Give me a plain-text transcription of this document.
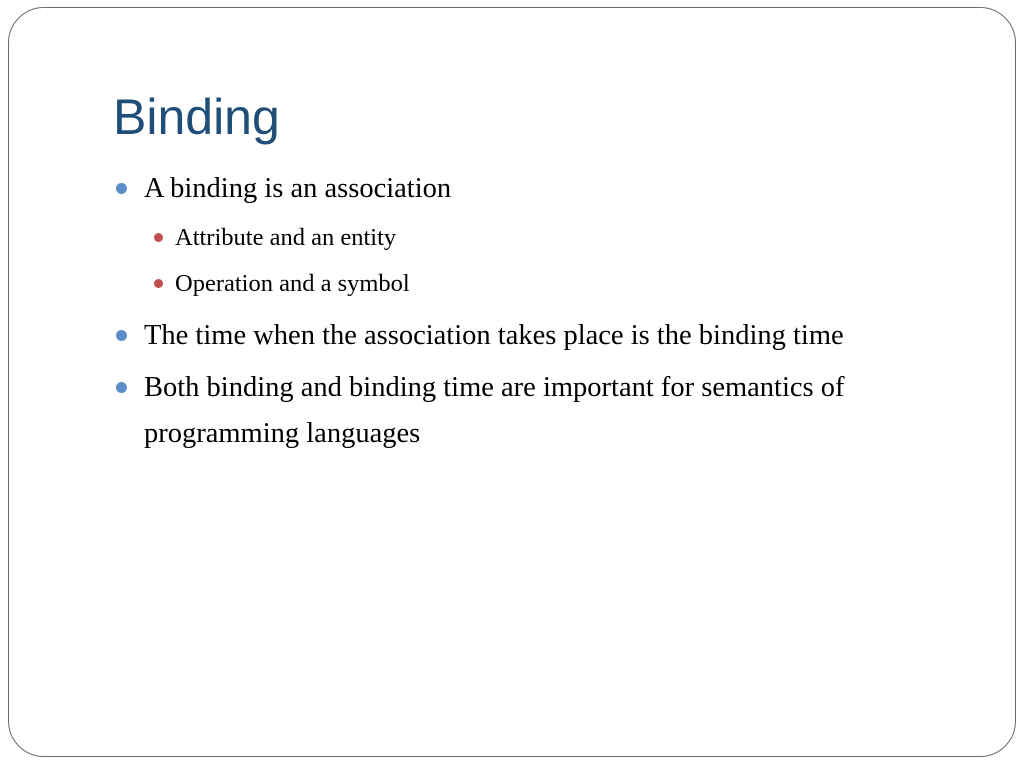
Binding

A binding is an association

Attribute and an entity

Operation and a symbol

The time when the association takes place is the binding time

Both binding and binding time are important for semantics of programming languages
